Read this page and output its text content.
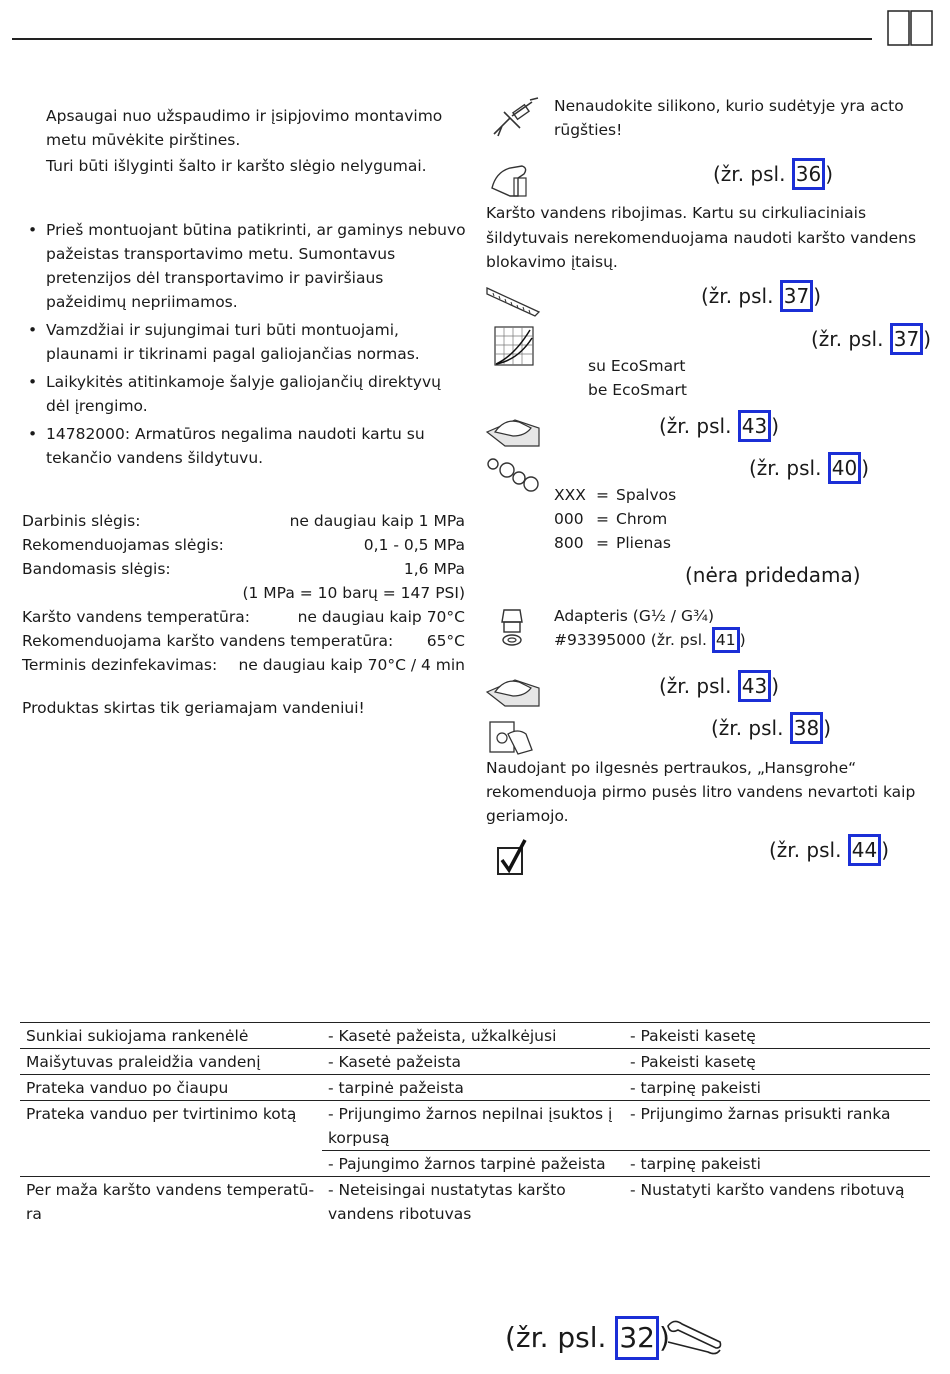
Apsaugai nuo užspaudimo ir įsipjovimo montavimo
metu mūvėkite pirštines.
Turi būti išlyginti šalto ir karšto slėgio nelygumai.
• Prieš montuojant būtina patikrinti, ar gaminys nebuvo
pažeistas transportavimo metu. Sumontavus
pretenzijos dėl transportavimo ir paviršiaus
pažeidimų nepriimamos.
• Vamzdžiai ir sujungimai turi būti montuojami,
plaunami ir tikrinami pagal galiojančias normas.
• Laikykitės atitinkamoje šalyje galiojančių direktyvų
dėl įrengimo.
• 14782000: Armatūros negalima naudoti kartu su
tekančio vandens šildytuvu.
Darbinis slėgis:	ne daugiau kaip 1 MPa
Rekomenduojamas slėgis:	0,1 - 0,5 MPa
Bandomasis slėgis:	1,6 MPa
(1 MPa = 10 barų = 147 PSI)
Karšto vandens temperatūra:	ne daugiau kaip 70°C
Rekomenduojama karšto vandens temperatūra: 65°C
Terminis dezinfekavimas: ne daugiau kaip 70°C / 4 min
Produktas skirtas tik geriamajam vandeniui!
Nenaudokite silikono, kurio sudėtyje yra acto
rūgšties!
(žr. psl. 36 )
Karšto vandens ribojimas. Kartu su cirkuliaciniais
šildytuvais nerekomenduojama naudoti karšto vandens
blokavimo įtaisų.
(žr. psl. 37 )
(žr. psl. 37 )
su EcoSmart
be EcoSmart
(žr. psl. 43 )
(žr. psl. 40 )
XXX = Spalvos
000 = Chrom
800 = Plienas
(nėra pridedama)
Adapteris (G½ / G¾)
#93395000 (žr. psl. 41 )
(žr. psl. 43 )
(žr. psl. 38 )
Naudojant po ilgesnės pertraukos, „Hansgrohe“
rekomenduoja pirmo pusės litro vandens nevartoti kaip
geriamojo.
(žr. psl. 44 )
Sunkiai sukiojama rankenėlė	- Kasetė pažeista, užkalkėjusi	- Pakeisti kasetę
Maišytuvas praleidžia vandenį	- Kasetė pažeista	- Pakeisti kasetę
Prateka vanduo po čiaupu	- tarpinė pažeista	- tarpinę pakeisti
Prateka vanduo per tvirtinimo kotą	- Prijungimo žarnos nepilnai įsuktos į korpusą	- Prijungimo žarnas prisukti ranka
	- Pajungimo žarnos tarpinė pažeista	- tarpinę pakeisti
Per maža karšto vandens temperatū-ra	- Neteisingai nustatytas karšto vandens ribotuvas	- Nustatyti karšto vandens ribotuvą
(žr. psl. 32 )
